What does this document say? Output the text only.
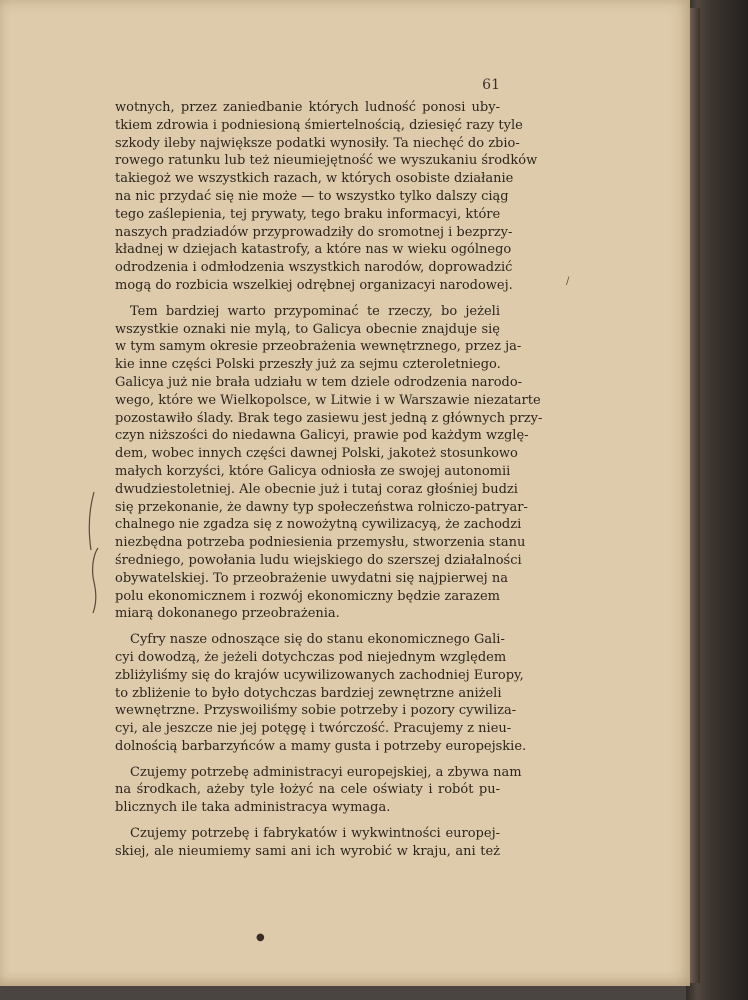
61
wotnych, przez zaniedbanie których ludność ponosi uby-
tkiem zdrowia i podniesioną śmiertelnością, dziesięć razy tyle
szkody ileby największe podatki wynosiły. Ta niechęć do zbio-
rowego ratunku lub też nieumiejętność we wyszukaniu środków
takiegoż we wszystkich razach, w których osobiste działanie
na nic przydać się nie może — to wszystko tylko dalszy ciąg
tego zaślepienia, tej prywaty, tego braku informacyi, które
naszych pradziadów przyprowadziły do sromotnej i bezprzy-
kładnej w dziejach katastrofy, a które nas w wieku ogólnego
odrodzenia i odmłodzenia wszystkich narodów, doprowadzić
mogą do rozbicia wszelkiej odrębnej organizacyi narodowej.
Tem bardziej warto przypominać te rzeczy, bo jeżeli
wszystkie oznaki nie mylą, to Galicya obecnie znajduje się
w tym samym okresie przeobrażenia wewnętrznego, przez ja-
kie inne części Polski przeszły już za sejmu czteroletniego.
Galicya już nie brała udziału w tem dziele odrodzenia narodo-
wego, które we Wielkopolsce, w Litwie i w Warszawie niezatarte
pozostawiło ślady. Brak tego zasiewu jest jedną z głównych przy-
czyn niższości do niedawna Galicyi, prawie pod każdym wzglę-
dem, wobec innych części dawnej Polski, jakoteż stosunkowo
małych korzyści, które Galicya odniosła ze swojej autonomii
dwudziestoletniej. Ale obecnie już i tutaj coraz głośniej budzi
się przekonanie, że dawny typ społeczeństwa rolniczo-patryar-
chalnego nie zgadza się z nowożytną cywilizacyą, że zachodzi
niezbędna potrzeba podniesienia przemysłu, stworzenia stanu
średniego, powołania ludu wiejskiego do szerszej działalności
obywatelskiej. To przeobrażenie uwydatni się najpierwej na
polu ekonomicznem i rozwój ekonomiczny będzie zarazem
miarą dokonanego przeobrażenia.
Cyfry nasze odnoszące się do stanu ekonomicznego Gali-
cyi dowodzą, że jeżeli dotychczas pod niejednym względem
zbliżyliśmy się do krajów ucywilizowanych zachodniej Europy,
to zbliżenie to było dotychczas bardziej zewnętrzne aniżeli
wewnętrzne. Przyswoiliśmy sobie potrzeby i pozory cywiliza-
cyi, ale jeszcze nie jej potęgę i twórczość. Pracujemy z nieu-
dolnością barbarzyńców a mamy gusta i potrzeby europejskie.
Czujemy potrzebę administracyi europejskiej, a zbywa nam
na środkach, ażeby tyle łożyć na cele oświaty i robót pu-
blicznych ile taka administracya wymaga.
Czujemy potrzebę i fabrykatów i wykwintności europej-
skiej, ale nieumiemy sami ani ich wyrobić w kraju, ani też
/
●
